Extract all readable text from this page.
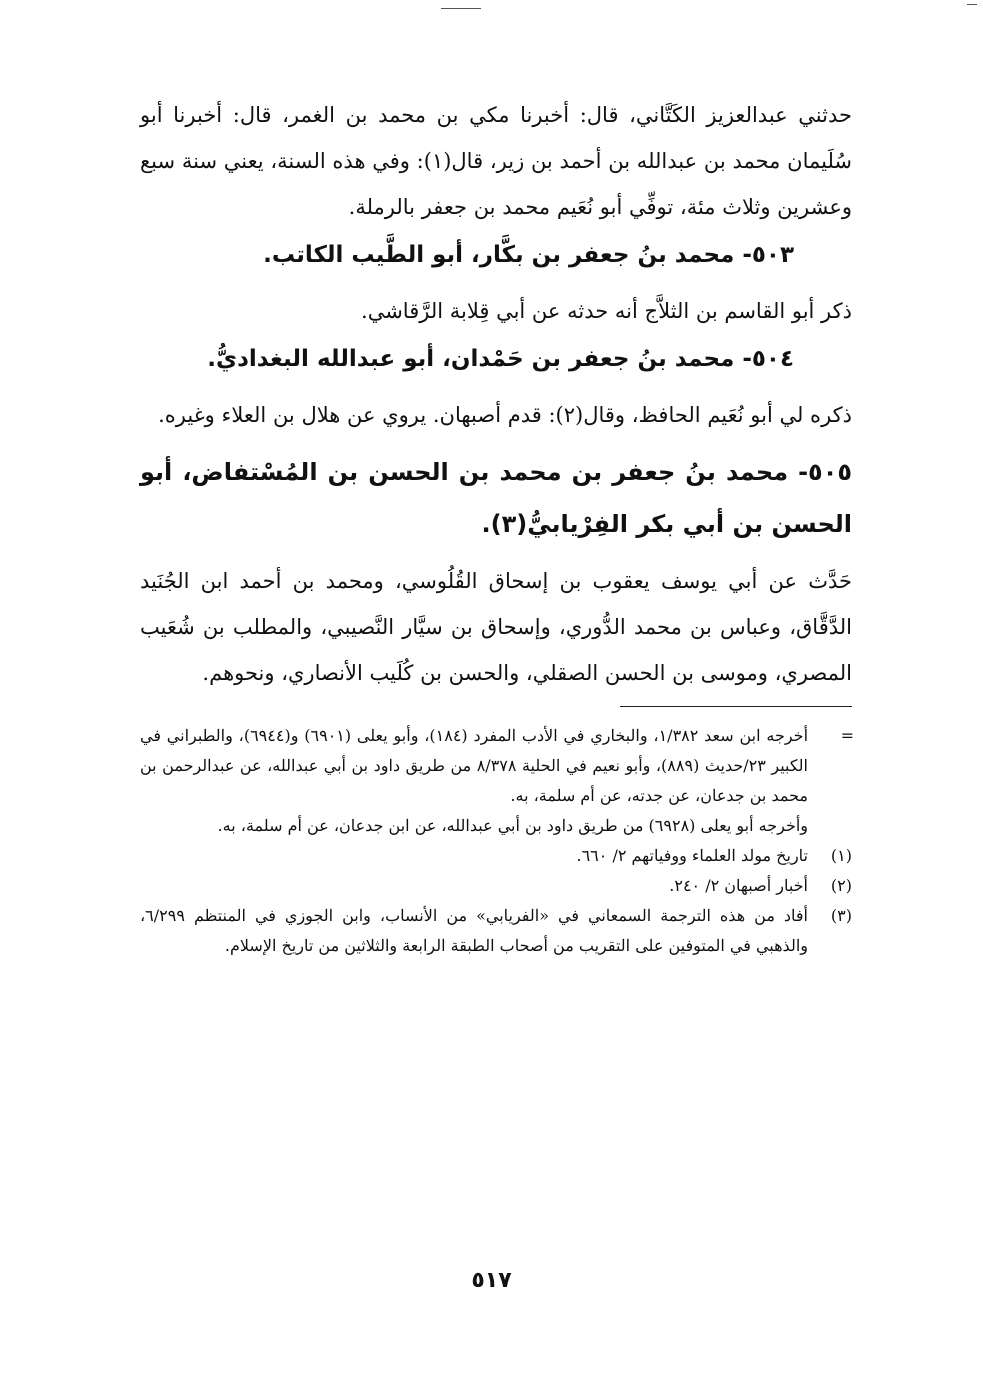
حدثني عبدالعزيز الكَتَّاني، قال: أخبرنا مكي بن محمد بن الغمر، قال: أخبرنا أبو سُلَيمان محمد بن عبدالله بن أحمد بن زير، قال(١): وفي هذه السنة، يعني سنة سبع وعشرين وثلاث مئة، توفِّي أبو نُعَيم محمد بن جعفر بالرملة.

٥٠٣- محمد بنُ جعفر بن بكَّار، أبو الطَّيب الكاتب.

ذكر أبو القاسم بن الثلاَّج أنه حدثه عن أبي قِلابة الرَّقاشي.

٥٠٤- محمد بنُ جعفر بن حَمْدان، أبو عبدالله البغداديُّ.

ذكره لي أبو نُعَيم الحافظ، وقال(٢): قدم أصبهان. يروي عن هلال بن العلاء وغيره.

٥٠٥- محمد بنُ جعفر بن محمد بن الحسن بن المُسْتفاض، أبو الحسن بن أبي بكر الفِرْيابيُّ(٣).

حَدَّث عن أبي يوسف يعقوب بن إسحاق القُلُوسي، ومحمد بن أحمد ابن الجُنَيد الدَّقَّاق، وعباس بن محمد الدُّوري، وإسحاق بن سيَّار النَّصيبي، والمطلب بن شُعَيب المصري، وموسى بن الحسن الصقلي، والحسن بن كُلَيب الأنصاري، ونحوهم.

=
أخرجه ابن سعد ١/٣٨٢، والبخاري في الأدب المفرد (١٨٤)، وأبو يعلى (٦٩٠١) و(٦٩٤٤)، والطبراني في الكبير ٢٣/حديث (٨٨٩)، وأبو نعيم في الحلية ٨/٣٧٨ من طريق داود بن أبي عبدالله، عن عبدالرحمن بن محمد بن جدعان، عن جدته، عن أم سلمة، به.
وأخرجه أبو يعلى (٦٩٢٨) من طريق داود بن أبي عبدالله، عن ابن جدعان، عن أم سلمة، به.
(١)
تاريخ مولد العلماء ووفياتهم ٢/ ٦٦٠.
(٢)
أخبار أصبهان ٢/ ٢٤٠.
(٣)
أفاد من هذه الترجمة السمعاني في «الفريابي» من الأنساب، وابن الجوزي في المنتظم ٦/٢٩٩، والذهبي في المتوفين على التقريب من أصحاب الطبقة الرابعة والثلاثين من تاريخ الإسلام.
٥١٧
